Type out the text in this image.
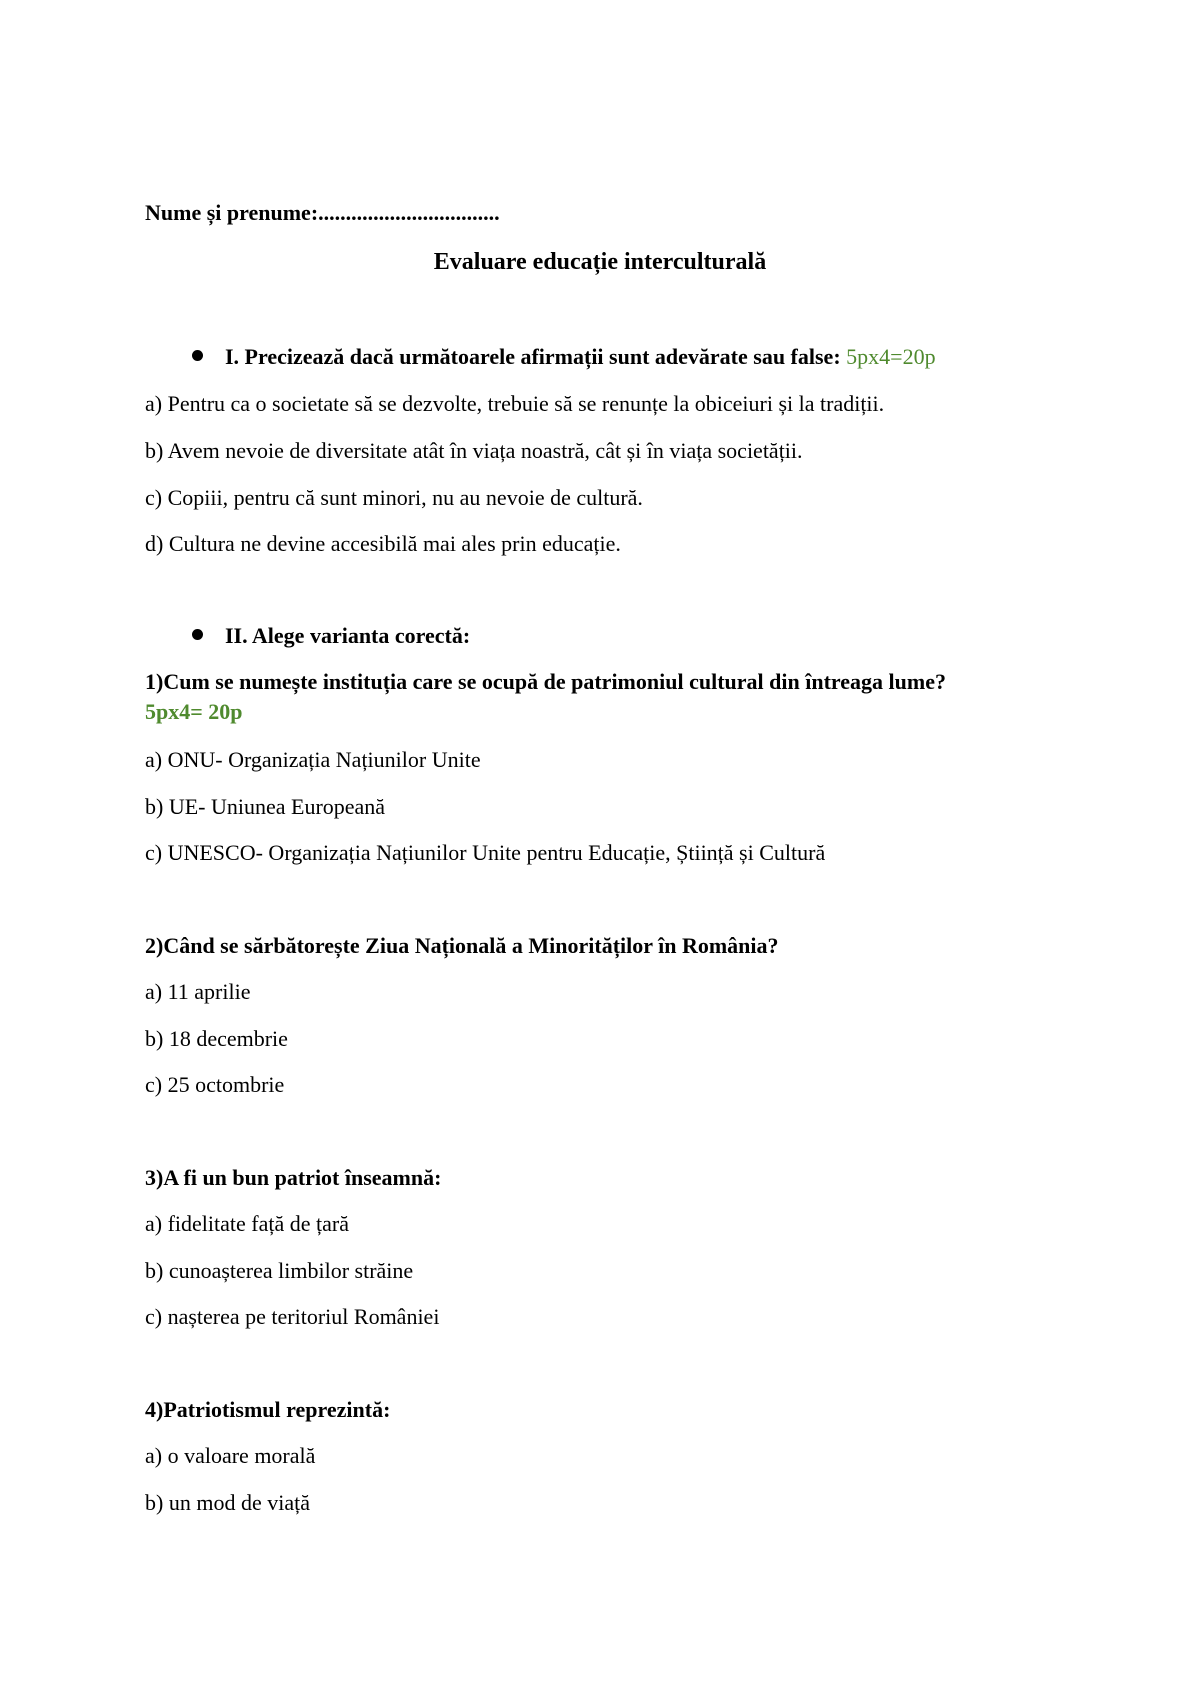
Nume și prenume:.................................
Evaluare educație interculturală
I. Precizează dacă următoarele afirmații sunt adevărate sau false: 5px4=20p
a) Pentru ca o societate să se dezvolte, trebuie să se renunțe la obiceiuri și la tradiții.
b) Avem nevoie de diversitate atât în viața noastră, cât și în viața societății.
c) Copiii, pentru că sunt minori, nu au nevoie de cultură.
d) Cultura ne devine accesibilă mai ales prin educație.
II. Alege varianta corectă:
1)Cum se numește instituția care se ocupă de patrimoniul cultural din întreaga lume?
5px4= 20p
a) ONU- Organizația Națiunilor Unite
b) UE- Uniunea Europeană
c) UNESCO- Organizația Națiunilor Unite pentru Educație, Știință și Cultură
2)Când se sărbătorește Ziua Națională a Minorităților în România?
a) 11 aprilie
b) 18 decembrie
c) 25 octombrie
3)A fi un bun patriot înseamnă:
a) fidelitate față de țară
b) cunoașterea limbilor străine
c) nașterea pe teritoriul României
4)Patriotismul reprezintă:
a) o valoare morală
b) un mod de viață
